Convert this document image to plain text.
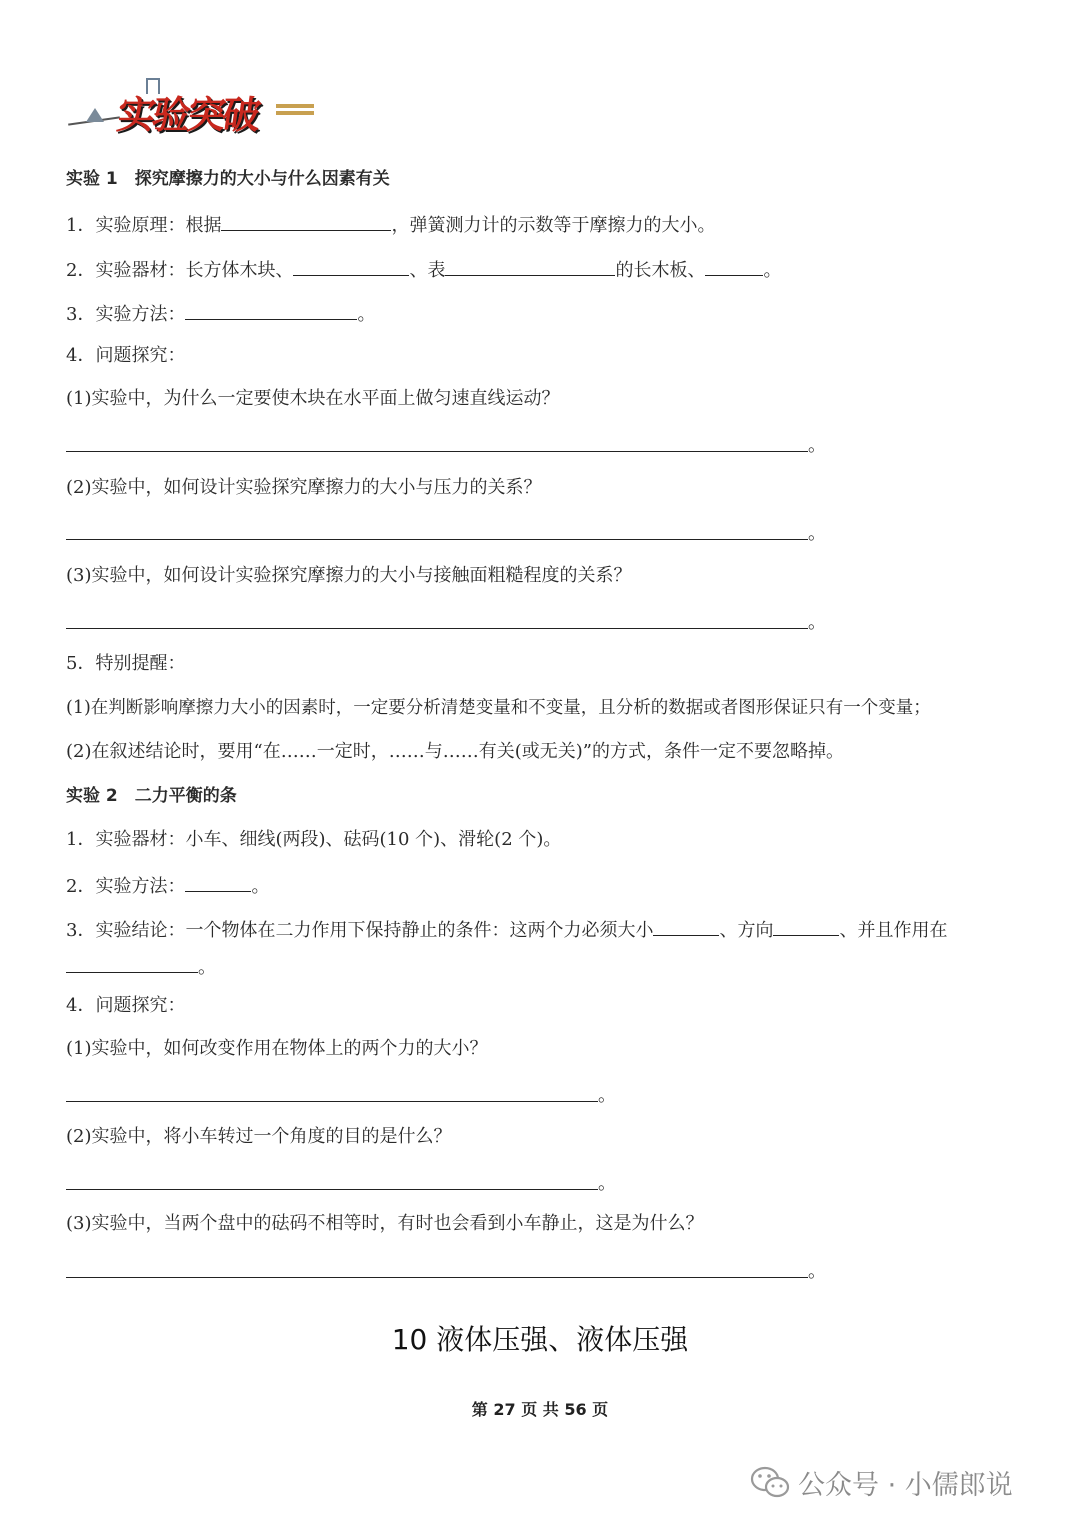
实验突破
实验 1　探究摩擦力的大小与什么因素有关
1．实验原理：根据	，弹簧测力计的示数等于摩擦力的大小。
2．实验器材：长方体木块、	、表	的长木板、	。
3．实验方法：	。
4．问题探究：
(1)实验中，为什么一定要使木块在水平面上做匀速直线运动？
。
(2)实验中，如何设计实验探究摩擦力的大小与压力的关系？
。
(3)实验中，如何设计实验探究摩擦力的大小与接触面粗糙程度的关系？
。
5．特别提醒：
(1)在判断影响摩擦力大小的因素时，一定要分析清楚变量和不变量，且分析的数据或者图形保证只有一个变量；
(2)在叙述结论时，要用“在……一定时，……与……有关(或无关)”的方式，条件一定不要忽略掉。
实验 2　二力平衡的条
1．实验器材：小车、细线(两段)、砝码(10 个)、滑轮(2 个)。
2．实验方法：	。
3．实验结论：一个物体在二力作用下保持静止的条件：这两个力必须大小	、方向	、并且作用在
。
4．问题探究：
(1)实验中，如何改变作用在物体上的两个力的大小？
。
(2)实验中，将小车转过一个角度的目的是什么？
。
(3)实验中，当两个盘中的砝码不相等时，有时也会看到小车静止，这是为什么？
。
10 液体压强、液体压强
第 27 页 共 56 页
公众号 · 小儒郎说
